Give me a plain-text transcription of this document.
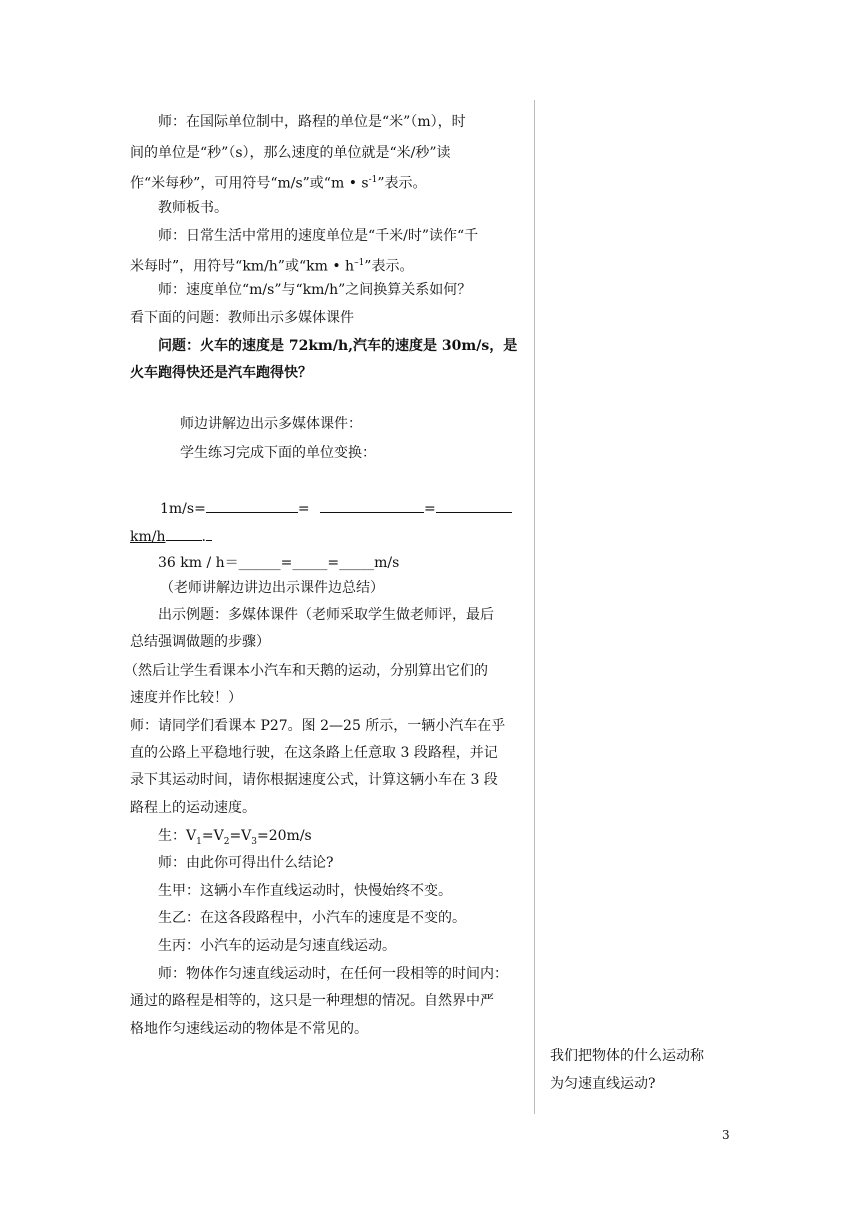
师：在国际单位制中，路程的单位是“米”（m），时
间的单位是“秒”（s），那么速度的单位就是“米/秒”读
作“米每秒”，可用符号“m/s”或“m • $s^{-1}$”表示。
教师板书。
师：日常生活中常用的速度单位是“千米/时”读作“千
米每时”，用符号“km/h”或“km • $h^{-1}$”表示。
师：速度单位“m/s”与“km/h”之间换算关系如何？
看下面的问题：教师出示多媒体课件
问题：火车的速度是 72km/h,汽车的速度是 30m/s，是
火车跑得快还是汽车跑得快？
师边讲解边出示多媒体课件：
学生练习完成下面的单位变换：
1m/s=	=	=
km/h	.
36 km / h＝______=_____=_____m/s
（老师讲解边讲边出示课件边总结）
出示例题：多媒体课件（老师采取学生做老师评，最后
总结强调做题的步骤）
（然后让学生看课本小汽车和天鹅的运动，分别算出它们的
速度并作比较！）
师：请同学们看课本 P27。图 2—25 所示，一辆小汽车在乎
直的公路上平稳地行驶，在这条路上任意取 3 段路程，并记
录下其运动时间，请你根据速度公式，计算这辆小车在 3 段
路程上的运动速度。
生：$V_1=V_2=V_3=20m/s$
师：由此你可得出什么结论?
生甲：这辆小车作直线运动时，快慢始终不变。
生乙：在这各段路程中，小汽车的速度是不变的。
生丙：小汽车的运动是匀速直线运动。
师：物体作匀速直线运动时，在任何一段相等的时间内：
通过的路程是相等的，这只是一种理想的情况。自然界中严
格地作匀速线运动的物体是不常见的。
我们把物体的什么运动称
为匀速直线运动?
3
